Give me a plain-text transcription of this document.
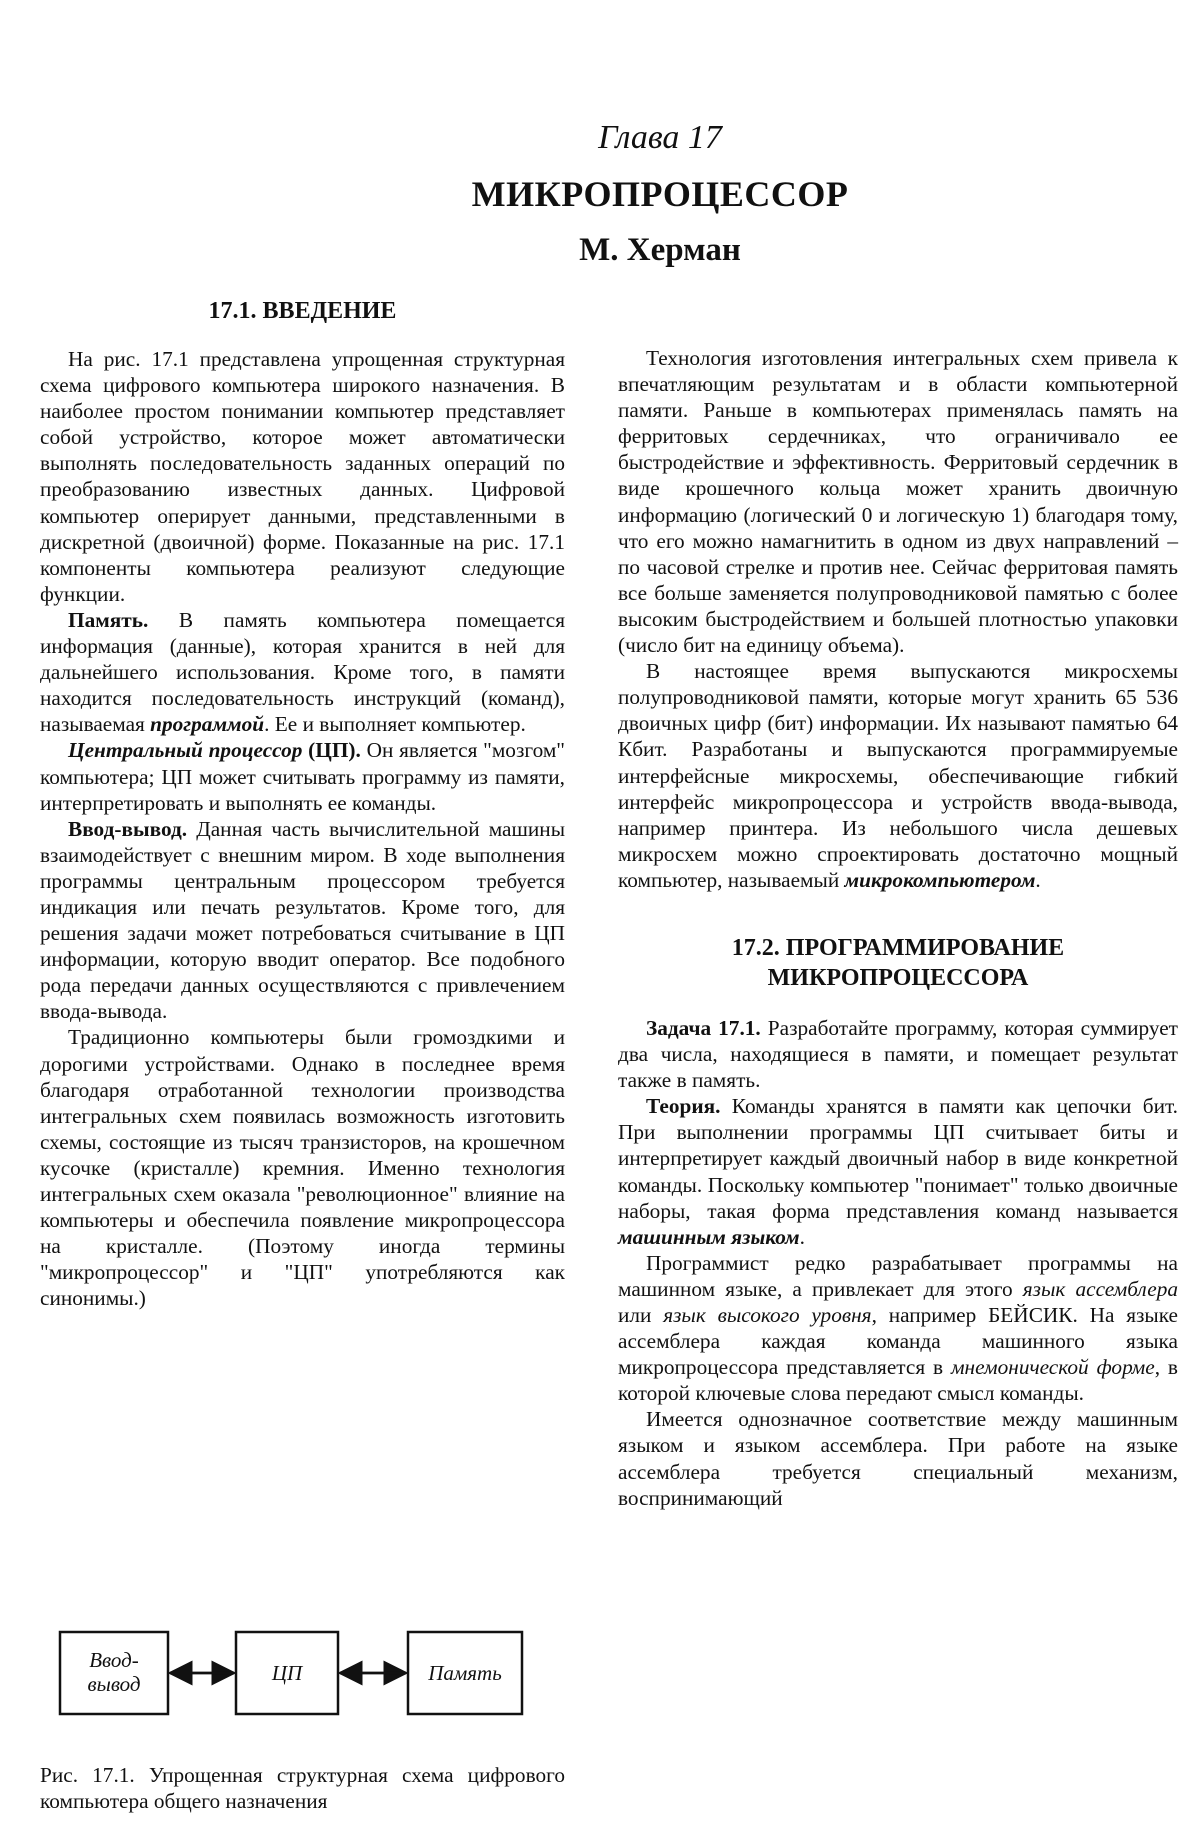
Глава 17
МИКРОПРОЦЕССОР
М. Херман
17.1. ВВЕДЕНИЕ

На рис. 17.1 представлена упрощенная структурная схема цифрового компьютера широкого назначения. В наиболее простом понимании компьютер представляет собой устройство, которое может автоматически выполнять последовательность заданных операций по преобразованию известных данных. Цифровой компьютер оперирует данными, представленными в дискретной (двоичной) форме. Показанные на рис. 17.1 компоненты компьютера реализуют следующие функции.

Память. В память компьютера помещается информация (данные), которая хранится в ней для дальнейшего использования. Кроме того, в памяти находится последовательность инструкций (команд), называемая программой. Ее и выполняет компьютер.

Центральный процессор (ЦП). Он является "мозгом" компьютера; ЦП может считывать программу из памяти, интерпретировать и выполнять ее команды.

Ввод-вывод. Данная часть вычислительной машины взаимодействует с внешним миром. В ходе выполнения программы центральным процессором требуется индикация или печать результатов. Кроме того, для решения задачи может потребоваться считывание в ЦП информации, которую вводит оператор. Все подобного рода передачи данных осуществляются с привлечением ввода-вывода.

Традиционно компьютеры были громоздкими и дорогими устройствами. Однако в последнее время благодаря отработанной технологии производства интегральных схем появилась возможность изготовить схемы, состоящие из тысяч транзисторов, на крошечном кусочке (кристалле) кремния. Именно технология интегральных схем оказала "революционное" влияние на компьютеры и обеспечила появление микропроцессора на кристалле. (Поэтому иногда термины "микропроцессор" и "ЦП" употребляются как синонимы.)

Ввод-
вывод	ЦП	Память
Рис. 17.1. Упрощенная структурная схема цифрового компьютера общего назначения

Технология изготовления интегральных схем привела к впечатляющим результатам и в области компьютерной памяти. Раньше в компьютерах применялась память на ферритовых сердечниках, что ограничивало ее быстродействие и эффективность. Ферритовый сердечник в виде крошечного кольца может хранить двоичную информацию (логический 0 и логическую 1) благодаря тому, что его можно намагнитить в одном из двух направлений – по часовой стрелке и против нее. Сейчас ферритовая память все больше заменяется полупроводниковой памятью с более высоким быстродействием и большей плотностью упаковки (число бит на единицу объема).

В настоящее время выпускаются микросхемы полупроводниковой памяти, которые могут хранить 65 536 двоичных цифр (бит) информации. Их называют памятью 64 Кбит. Разработаны и выпускаются программируемые интерфейсные микросхемы, обеспечивающие гибкий интерфейс микропроцессора и устройств ввода-вывода, например принтера. Из небольшого числа дешевых микросхем можно спроектировать достаточно мощный компьютер, называемый микрокомпьютером.

17.2. ПРОГРАММИРОВАНИЕ
МИКРОПРОЦЕССОРА

Задача 17.1. Разработайте программу, которая суммирует два числа, находящиеся в памяти, и помещает результат также в память.

Теория. Команды хранятся в памяти как цепочки бит. При выполнении программы ЦП считывает биты и интерпретирует каждый двоичный набор в виде конкретной команды. Поскольку компьютер "понимает" только двоичные наборы, такая форма представления команд называется машинным языком.

Программист редко разрабатывает программы на машинном языке, а привлекает для этого язык ассемблера или язык высокого уровня, например БЕЙСИК. На языке ассемблера каждая команда машинного языка микропроцессора представляется в мнемонической форме, в которой ключевые слова передают смысл команды.

Имеется однозначное соответствие между машинным языком и языком ассемблера. При работе на языке ассемблера требуется специальный механизм, воспринимающий
